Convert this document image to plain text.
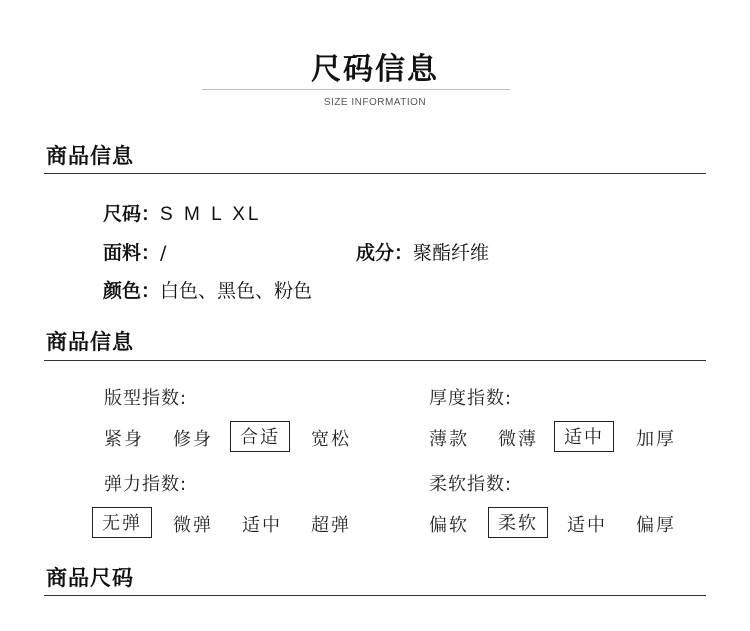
尺码信息
SIZE INFORMATION
商品信息
尺码：S M L XL
面料：/	成分：聚酯纤维
颜色：白色、黑色、粉色
商品信息
版型指数:
紧身 修身	合适	宽松
厚度指数:
薄款 微薄	适中	加厚
弹力指数:
无弹	微弹 适中 超弹
柔软指数:
偏软	柔软	适中 偏厚
商品尺码
